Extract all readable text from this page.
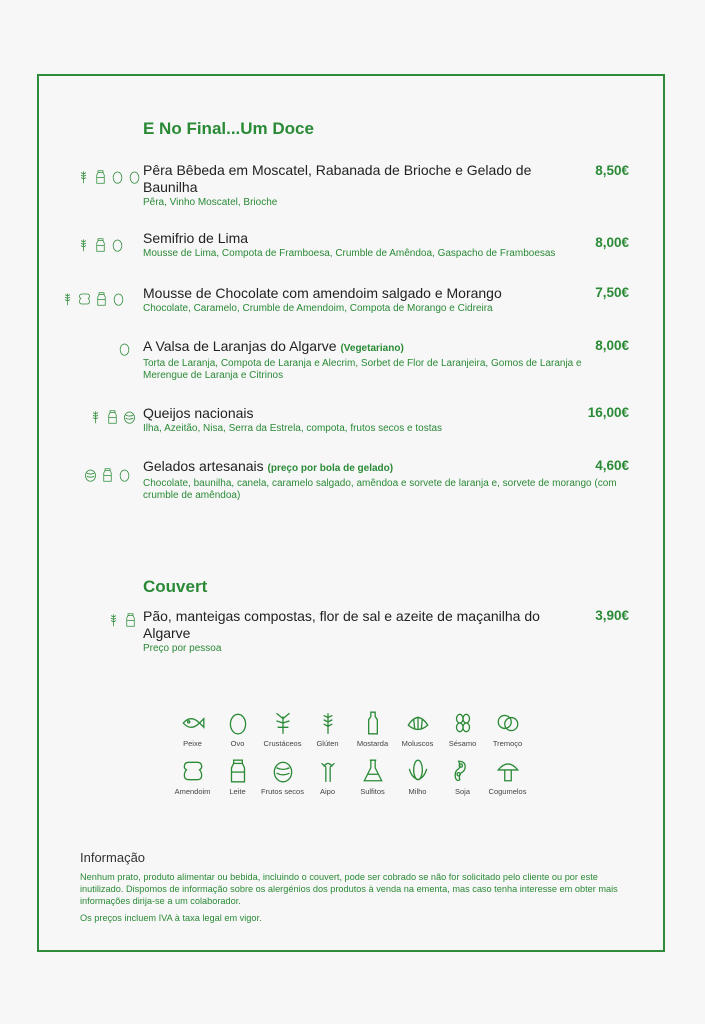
E No Final...Um Doce
Pêra Bêbeda em Moscatel, Rabanada de Brioche e Gelado de Baunilha
Pêra, Vinho Moscatel, Brioche
8,50€
Semifrio de Lima
Mousse de Lima, Compota de Framboesa, Crumble de Amêndoa, Gaspacho de Framboesas
8,00€
Mousse de Chocolate com amendoim salgado e Morango
Chocolate, Caramelo, Crumble de Amendoim, Compota de Morango e Cidreira
7,50€
A Valsa de Laranjas do Algarve (Vegetariano)
Torta de Laranja, Compota de Laranja e Alecrim, Sorbet de Flor de Laranjeira, Gomos de Laranja e Merengue de Laranja e Citrinos
8,00€
Queijos nacionais
Ilha, Azeitão, Nisa, Serra da Estrela, compota, frutos secos e tostas
16,00€
Gelados artesanais (preço por bola de gelado)
Chocolate, baunilha, canela, caramelo salgado, amêndoa e sorvete de laranja e, sorvete de morango (com crumble de amêndoa)
4,60€
Couvert
Pão, manteigas compostas, flor de sal e azeite de maçanilha do Algarve
Preço por pessoa
3,90€
Peixe	Ovo	Crustáceos	Glúten	Mostarda	Moluscos	Sésamo	Tremoço
Amendoim	Leite	Frutos secos	Aipo	Sulfitos	Milho	Soja	Cogumelos
Informação

Nenhum prato, produto alimentar ou bebida, incluindo o couvert, pode ser cobrado se não for solicitado pelo cliente ou por este inutilizado. Dispomos de informação sobre os alergénios dos produtos à venda na ementa, mas caso tenha interesse em obter mais informações dirija-se a um colaborador.

Os preços incluem IVA à taxa legal em vigor.
